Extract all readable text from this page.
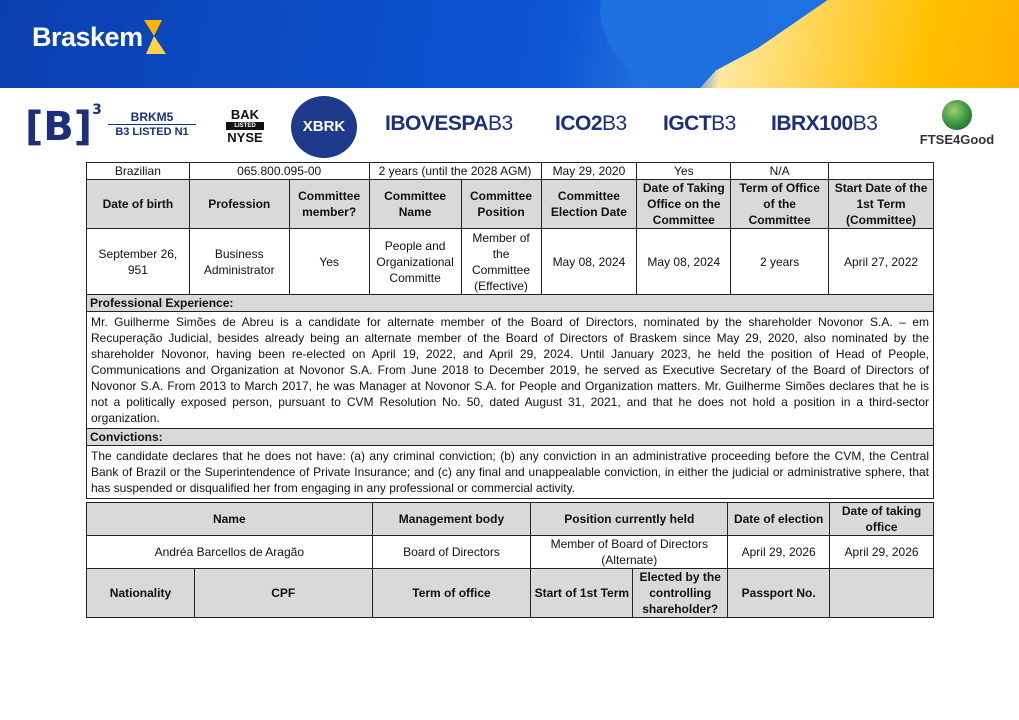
Braskem
$[B]^3$	BRKM5
B3 LISTED N1
BAK
LISTED
NYSE
XBRK	IBOVESPAB3 ICO2B3 IGCTB3 IBRX100B3
FTSE4Good
Brazilian	065.800.095-00		2 years (until the 2028 AGM)		May 29, 2020	Yes	N/A	
Date of birth	Profession	Committee member?	Committee Name	Committee Position	Committee Election Date	Date of Taking Office on the Committee	Term of Office of the Committee	Start Date of the 1st Term (Committee)
September 26, 951	Business Administrator	Yes	People and Organizational Committe	Member of the Committee (Effective)	May 08, 2024	May 08, 2024	2 years	April 27, 2022
Professional Experience:								
Mr. Guilherme Simões de Abreu is a candidate for alternate member of the Board of Directors, nominated by the shareholder Novonor S.A. – em Recuperação Judicial, besides already being an alternate member of the Board of Directors of Braskem since May 29, 2020, also nominated by the shareholder Novonor, having been re-elected on April 19, 2022, and April 29, 2024. Until January 2023, he held the position of Head of People, Communications and Organization at Novonor S.A. From June 2018 to December 2019, he served as Executive Secretary of the Board of Directors of Novonor S.A. From 2013 to March 2017, he was Manager at Novonor S.A. for People and Organization matters. Mr. Guilherme Simões declares that he is not a politically exposed person, pursuant to CVM Resolution No. 50, dated August 31, 2021, and that he does not hold a position in a third-sector organization.								
Convictions:								
The candidate declares that he does not have: (a) any criminal conviction; (b) any conviction in an administrative proceeding before the CVM, the Central Bank of Brazil or the Superintendence of Private Insurance; and (c) any final and unappealable conviction, in either the judicial or administrative sphere, that has suspended or disqualified her from engaging in any professional or commercial activity.								
Name		Management body	Position currently held		Date of election	Date of taking office
Andréa Barcellos de Aragão		Board of Directors	Member of Board of Directors (Alternate)		April 29, 2026	April 29, 2026
Nationality	CPF	Term of office	Start of 1st Term	Elected by the controlling shareholder?	Passport No.	
